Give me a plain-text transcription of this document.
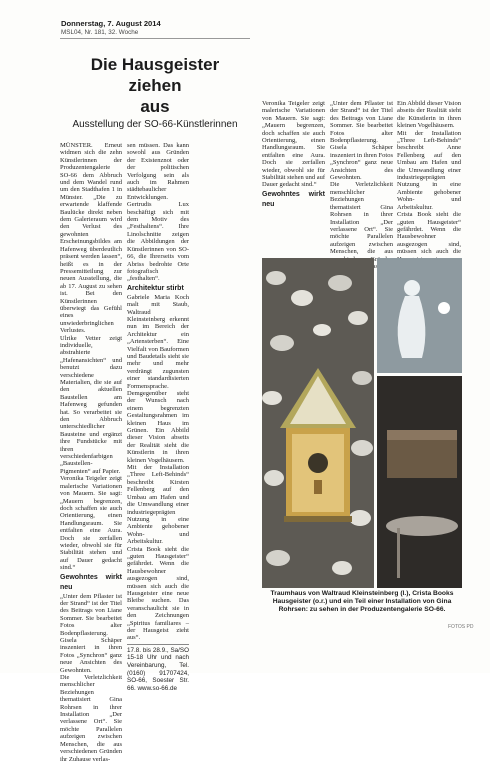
Donnerstag, 7. August 2014
MSL04, Nr. 181, 32. Woche
Die Hausgeister
ziehen
aus
Ausstellung der SO-66-Künstlerinnen

MÜNSTER. Erneut widmen sich die zehn Künstlerinnen der Produzentengalerie SO-66 dem Abbruch und dem Wandel rund um den Stadthafen 1 in Münster. „Die zu erwartende klaffende Baulücke direkt neben dem Galerieraum wird den Verlust des gewohnten Erscheinungsbildes am Hafenweg überdeutlich präsent werden lassen“, heißt es in der Pressemitteilung zur neuen Ausstellung, die ab 17. August zu sehen ist. Bei den Künstlerinnen überwiegt das Gefühl eines unwiederbringlichen Verlustes.

Ulrike Vetter zeigt individuelle, abstrahierte „Hafenansichten“ und benutzt dazu verschiedene Materialien, die sie auf den aktuellen Baustellen am Hafenweg gefunden hat. So verarbeitet sie den Abbruch unterschiedlicher Bausteine und ergänzt ihre Fundstücke mit ihren verschiedenfarbigen „Baustellen-Pigmenten“ auf Papier.

Veronika Teigeler zeigt malerische Variationen von Mauern. Sie sagt: „Mauern begrenzen, doch schaffen sie auch Orientierung, einen Handlungsraum. Sie entfalten eine Aura. Doch sie zerfallen wieder, obwohl sie für Stabilität stehen und auf Dauer gedacht sind.“

Gewohntes wirkt neu

„Unter dem Pflaster ist der Strand“ ist der Titel des Beitrags von Liane Sommer. Sie bearbeitet Fotos alter Bodenpflasterung. Gisela Schäper inszeniert in ihren Fotos „Synchron“ ganz neue Ansichten des Gewohnten.

Die Verletzlichkeit menschlicher Beziehungen thematisiert Gina Rohrsen in ihrer Installation „Der verlassene Ort“. Sie möchte Parallelen aufzeigen zwischen Menschen, die aus verschiedenen Gründen ihr Zuhause verlas-

sen müssen. Das kann sowohl aus Gründen der Existenznot oder der politischen Verfolgung sein als auch im Rahmen städtebaulicher Entwicklungen.

Gertrudis Lux beschäftigt sich mit dem Motiv des „Festhaltens“. Ihre Linolschnitte zeigen die Abbildungen der Künstlerinnen von SO-66, die Ihrerseits vom Abriss bedrohte Orte fotografisch „festhalten“.

Architektur stirbt

Gabriele Maria Koch malt mit Staub, Waltraud Kleinsteinberg erkennt nun im Bereich der Architektur ein „Artensterben“. Eine Vielfalt von Bauformen und Baudetails sieht sie mehr und mehr verdrängt zugunsten einer standardisierten Formensprache. Demgegenüber steht der Wunsch nach einem begrenzten Gestaltungsrahmen im kleinen Haus im Grünen. Ein Abbild dieser Vision abseits der Realität sieht die Künstlerin in ihren kleinen Vogelhäusern.

Mit der Installation „Three Left-Behinds“ beschreibt Kirsten Fellenberg auf den Umbau am Hafen und die Umwandlung einer industriegeprägten Nutzung in eine Ambiente gehobener Wohn- und Arbeitskultur.

Crista Book sieht die „guten Hausgeister“ gefährdet. Wenn die Hausbewohner ausgezogen sind, müssen sich auch die Hausgeister eine neue Bleibe suchen. Das veranschaulicht sie in den Zeichnungen „Spiritus familiares – der Hausgeist zieht aus“.

17.8. bis 28.9., Sa/SO 15-18 Uhr und nach Vereinbarung, Tel. (0160) 91707424, SO-66, Soester Str. 66. www.so-66.de

Veronika Teigeler zeigt malerische Variationen von Mauern. Sie sagt: „Mauern begrenzen, doch schaffen sie auch Orientierung, einen Handlungsraum. Sie entfalten eine Aura. Doch sie zerfallen wieder, obwohl sie für Stabilität stehen und auf Dauer gedacht sind.“

Gewohntes wirkt neu

„Unter dem Pflaster ist der Strand“ ist der Titel des Beitrags von Liane Sommer. Sie bearbeitet Fotos alter Bodenpflasterung. Gisela Schäper inszeniert in ihren Fotos „Synchron“ ganz neue Ansichten des Gewohnten.

Die Verletzlichkeit menschlicher Beziehungen thematisiert Gina Rohrsen in ihrer Installation „Der verlassene Ort“. Sie möchte Parallelen aufzeigen zwischen Menschen, die aus

Ein Abbild dieser Vision abseits der Realität sieht die Künstlerin in ihren kleinen Vogelhäusern.

Mit der Installation „Three Left-Behinds“ beschreibt Anne Fellenberg auf den Umbau am Hafen und die Umwandlung einer industriegeprägten Nutzung in eine Ambiente gehobener Wohn- und Arbeitskultur.

Crista Book sieht die „guten Hausgeister“ gefährdet. Wenn die Hausbewohner ausgezogen sind, müssen sich auch die

Traumhaus von Waltraud Kleinsteinberg (l.), Crista Books Hausgeister (o.r.) und ein Teil einer Installation von Gina Rohrsen: zu sehen in der Produzentengalerie SO-66.
FOTOS PD
